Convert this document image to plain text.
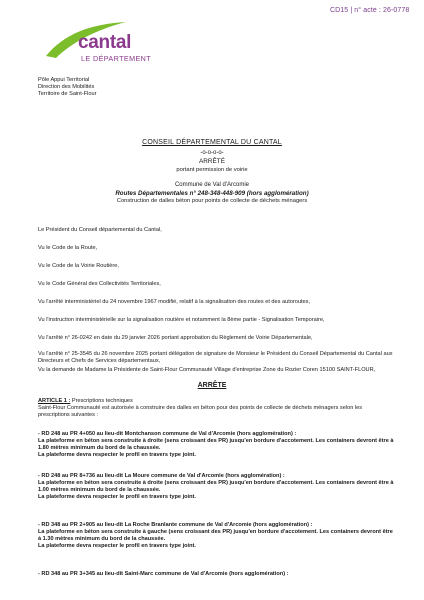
CD15 | n° acte : 26-0778
cantal
LE DÉPARTEMENT
Pôle Appui Territorial
Direction des Mobilités
Territoire de Saint-Flour
CONSEIL DÉPARTEMENTAL DU CANTAL
-o-o-o-o-
ARRÊTÉ
portant permission de voirie
Commune de Val d'Arcomie
Routes Départementales n° 248-348-448-909 (hors agglomération)
Construction de dalles béton pour points de collecte de déchets ménagers
Le Président du Conseil départemental du Cantal,
Vu le Code de la Route,
Vu le Code de la Voirie Routière,
Vu le Code Général des Collectivités Territoriales,
Vu l'arrêté interministériel du 24 novembre 1967 modifié, relatif à la signalisation des routes et des autoroutes,
Vu l'instruction interministérielle sur la signalisation routière et notamment la 8ème partie - Signalisation Temporaire,
Vu l'arrêté n° 26-0242 en date du 29 janvier 2026 portant approbation du Règlement de Voirie Départementale,
Vu l'arrêté n° 25-3545 du 26 novembre 2025 portant délégation de signature de Monsieur le Président du Conseil Départemental du Cantal aux Directeurs et Chefs de Services départementaux,
Vu la demande de Madame la Présidente de Saint-Flour Communauté Village d'entreprise Zone du Rozier Coren 15100 SAINT-FLOUR,
ARRÊTE
ARTICLE 1 : Prescriptions techniques
Saint-Flour Communauté est autorisée à construire des dalles en béton pour des points de collecte de déchets ménagers selon les prescriptions suivantes :
- RD 248 au PR 4+050 au lieu-dit Montchanson commune de Val d'Arcomie (hors agglomération) :
La plateforme en béton sera construite à droite (sens croissant des PR) jusqu'en bordure d'accotement. Les containers devront être à 1.80 mètres minimum du bord de la chaussée.
La plateforme devra respecter le profil en travers type joint.
- RD 248 au PR 8+736 au lieu-dit La Moure commune de Val d'Arcomie (hors agglomération) :
La plateforme en béton sera construite à droite (sens croissant des PR) jusqu'en bordure d'accotement. Les containers devront être à 1.00 mètres minimum du bord de la chaussée.
La plateforme devra respecter le profil en travers type joint.
- RD 348 au PR 2+905 au lieu-dit La Roche Branlante commune de Val d'Arcomie (hors agglomération) :
La plateforme en béton sera construite à gauche (sens croissant des PR) jusqu'en bordure d'accotement. Les containers devront être à 1.30 mètres minimum du bord de la chaussée.
La plateforme devra respecter le profil en travers type joint.
- RD 348 au PR 3+345 au lieu-dit Saint-Marc commune de Val d'Arcomie (hors agglomération) :
